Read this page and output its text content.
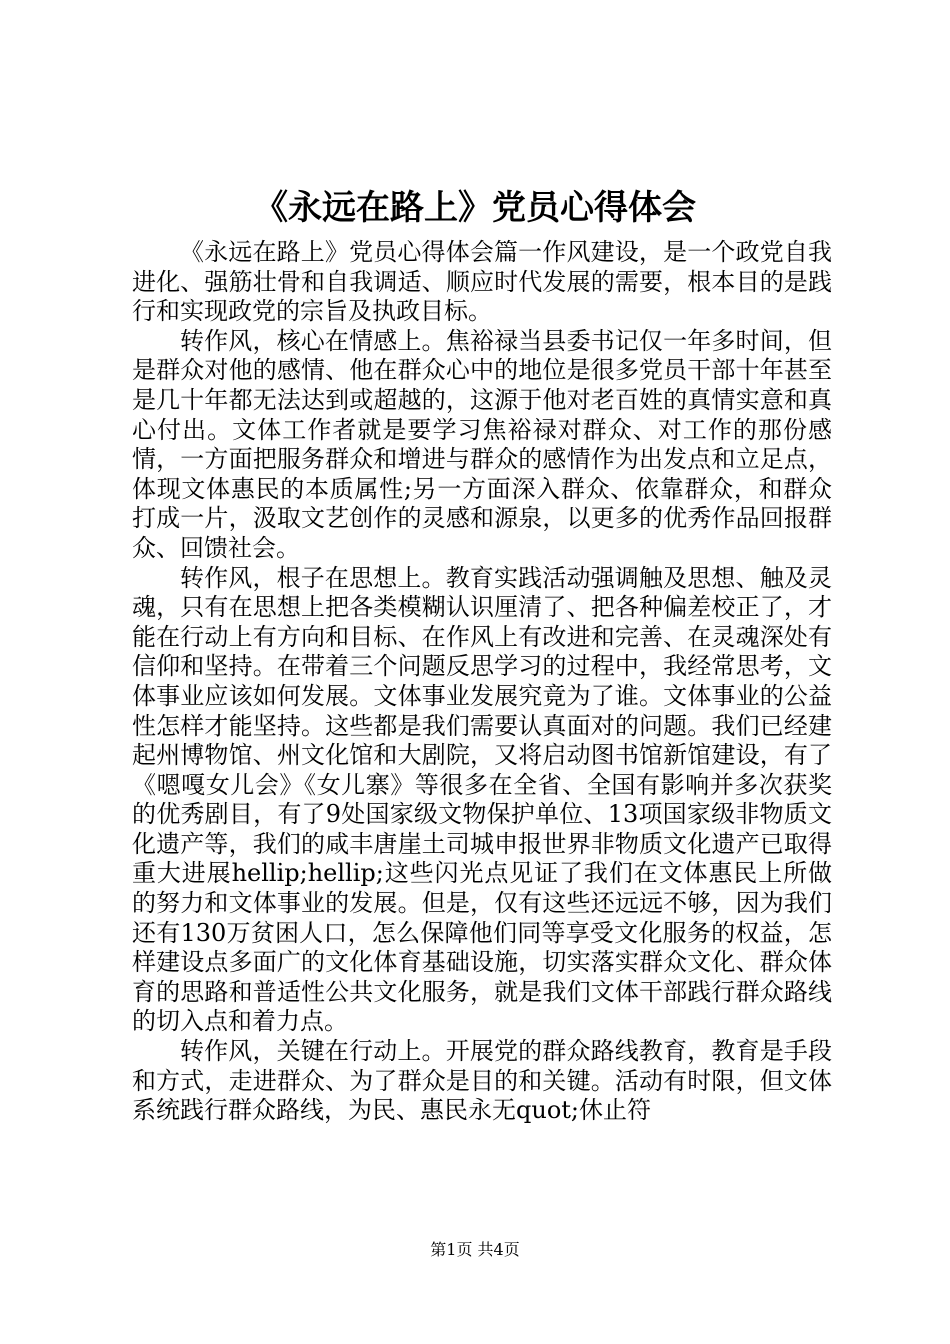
《永远在路上》党员心得体会

《永远在路上》党员心得体会篇一作风建设，是一个政党自我进化、强筋壮骨和自我调适、顺应时代发展的需要，根本目的是践行和实现政党的宗旨及执政目标。

转作风，核心在情感上。焦裕禄当县委书记仅一年多时间，但是群众对他的感情、他在群众心中的地位是很多党员干部十年甚至是几十年都无法达到或超越的，这源于他对老百姓的真情实意和真心付出。文体工作者就是要学习焦裕禄对群众、对工作的那份感情，一方面把服务群众和增进与群众的感情作为出发点和立足点，体现文体惠民的本质属性;另一方面深入群众、依靠群众，和群众打成一片，汲取文艺创作的灵感和源泉，以更多的优秀作品回报群众、回馈社会。

转作风，根子在思想上。教育实践活动强调触及思想、触及灵魂，只有在思想上把各类模糊认识厘清了、把各种偏差校正了，才能在行动上有方向和目标、在作风上有改进和完善、在灵魂深处有信仰和坚持。在带着三个问题反思学习的过程中，我经常思考，文体事业应该如何发展。文体事业发展究竟为了谁。文体事业的公益性怎样才能坚持。这些都是我们需要认真面对的问题。我们已经建起州博物馆、州文化馆和大剧院，又将启动图书馆新馆建设，有了《嗯嘎女儿会》《女儿寨》等很多在全省、全国有影响并多次获奖的优秀剧目，有了9处国家级文物保护单位、13项国家级非物质文化遗产等，我们的咸丰唐崖土司城申报世界非物质文化遗产已取得重大进展hellip;hellip;这些闪光点见证了我们在文体惠民上所做的努力和文体事业的发展。但是，仅有这些还远远不够，因为我们还有130万贫困人口，怎么保障他们同等享受文化服务的权益，怎样建设点多面广的文化体育基础设施，切实落实群众文化、群众体育的思路和普适性公共文化服务，就是我们文体干部践行群众路线的切入点和着力点。

转作风，关键在行动上。开展党的群众路线教育，教育是手段和方式，走进群众、为了群众是目的和关键。活动有时限，但文体系统践行群众路线，为民、惠民永无quot;休止符

第1页 共4页
